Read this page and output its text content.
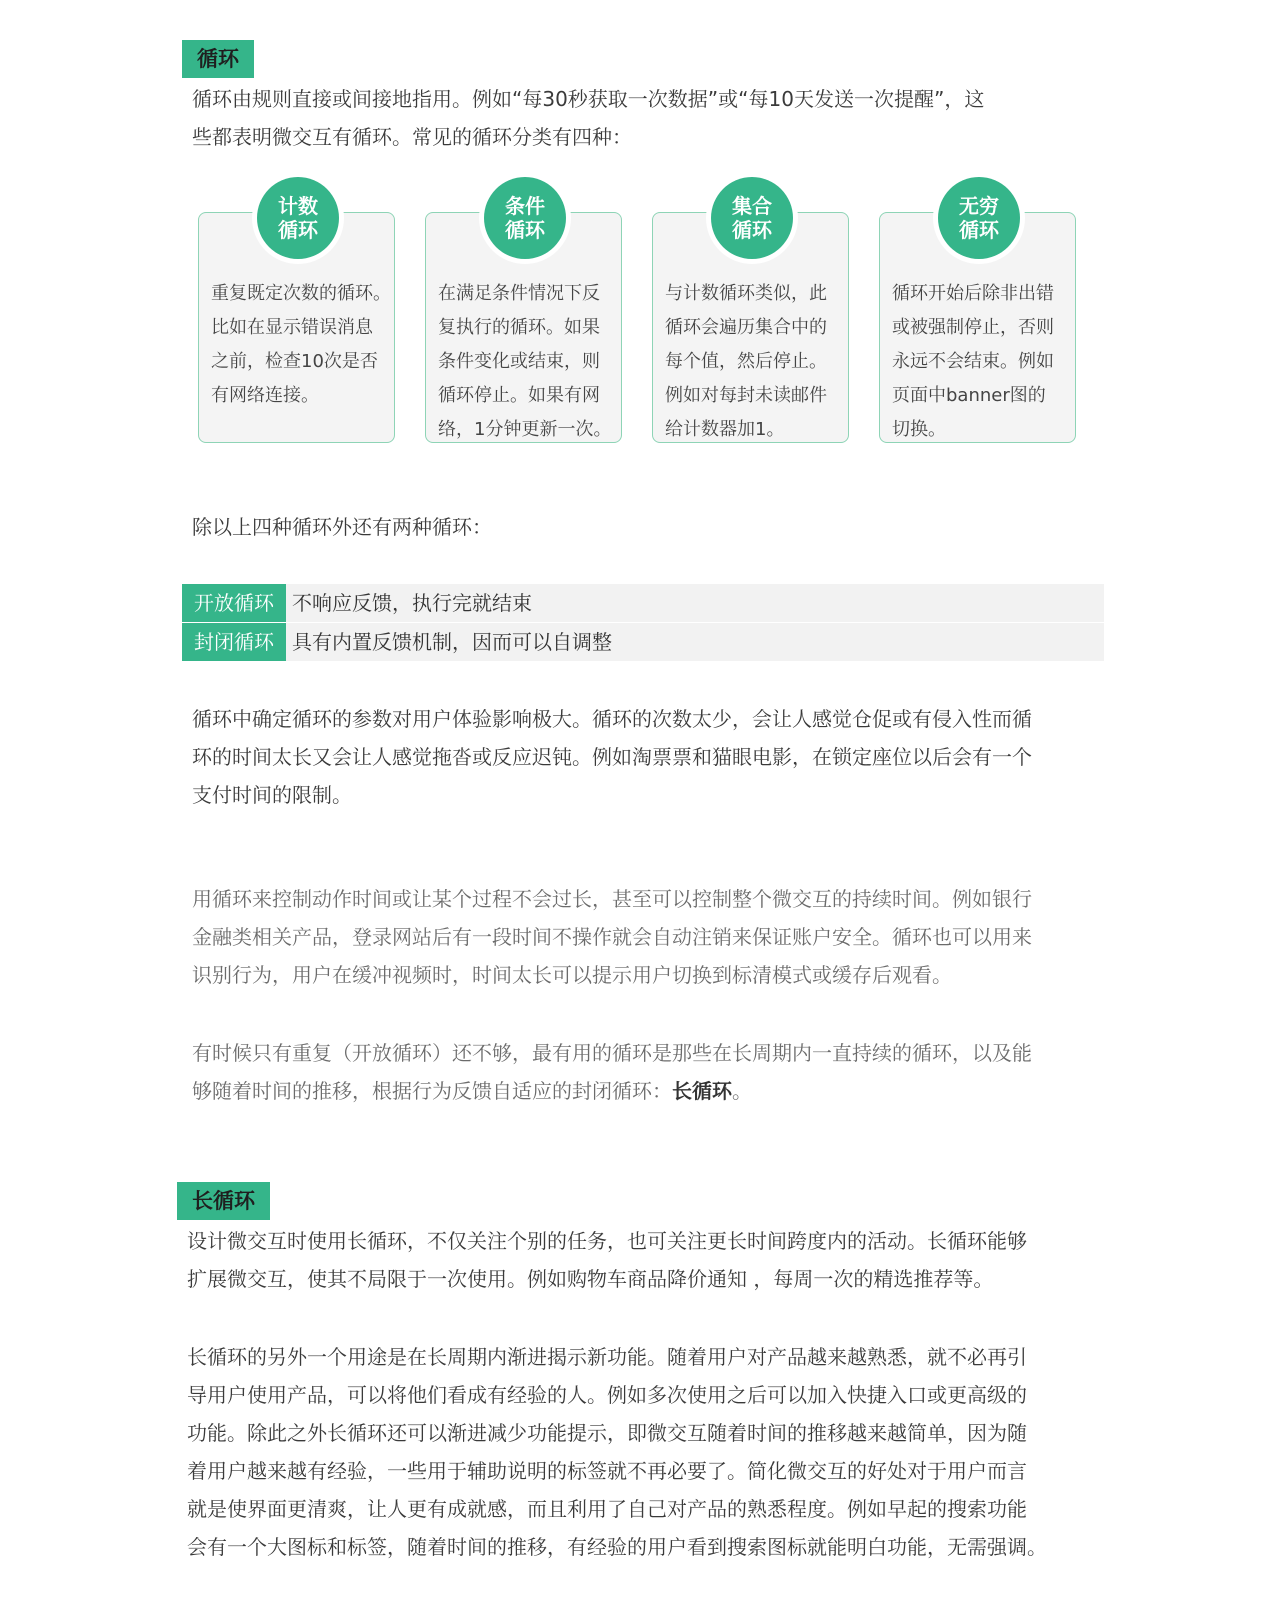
循环

循环由规则直接或间接地指用。例如“每30秒获取一次数据”或“每10天发送一次提醒”，这

些都表明微交互有循环。常见的循环分类有四种：

重复既定次数的循环。
比如在显示错误消息
之前，检查10次是否
有网络连接。
在满足条件情况下反
复执行的循环。如果
条件变化或结束，则
循环停止。如果有网
络，1分钟更新一次。
与计数循环类似，此
循环会遍历集合中的
每个值，然后停止。
例如对每封未读邮件
给计数器加1。
循环开始后除非出错
或被强制停止，否则
永远不会结束。例如
页面中banner图的
切换。
计数
循环
条件
循环
集合
循环
无穷
循环

除以上四种循环外还有两种循环：

开放循环 不响应反馈，执行完就结束
封闭循环 具有内置反馈机制，因而可以自调整

循环中确定循环的参数对用户体验影响极大。循环的次数太少，会让人感觉仓促或有侵入性而循

环的时间太长又会让人感觉拖沓或反应迟钝。例如淘票票和猫眼电影，在锁定座位以后会有一个

支付时间的限制。

用循环来控制动作时间或让某个过程不会过长，甚至可以控制整个微交互的持续时间。例如银行

金融类相关产品，登录网站后有一段时间不操作就会自动注销来保证账户安全。循环也可以用来

识别行为，用户在缓冲视频时，时间太长可以提示用户切换到标清模式或缓存后观看。

有时候只有重复（开放循环）还不够，最有用的循环是那些在长周期内一直持续的循环，以及能

够随着时间的推移，根据行为反馈自适应的封闭循环：长循环。

长循环

设计微交互时使用长循环，不仅关注个别的任务，也可关注更长时间跨度内的活动。长循环能够

扩展微交互，使其不局限于一次使用。例如购物车商品降价通知 ，每周一次的精选推荐等。

长循环的另外一个用途是在长周期内渐进揭示新功能。随着用户对产品越来越熟悉，就不必再引

导用户使用产品，可以将他们看成有经验的人。例如多次使用之后可以加入快捷入口或更高级的

功能。除此之外长循环还可以渐进减少功能提示，即微交互随着时间的推移越来越简单，因为随

着用户越来越有经验，一些用于辅助说明的标签就不再必要了。简化微交互的好处对于用户而言

就是使界面更清爽，让人更有成就感，而且利用了自己对产品的熟悉程度。例如早起的搜索功能

会有一个大图标和标签，随着时间的推移，有经验的用户看到搜索图标就能明白功能，无需强调。
